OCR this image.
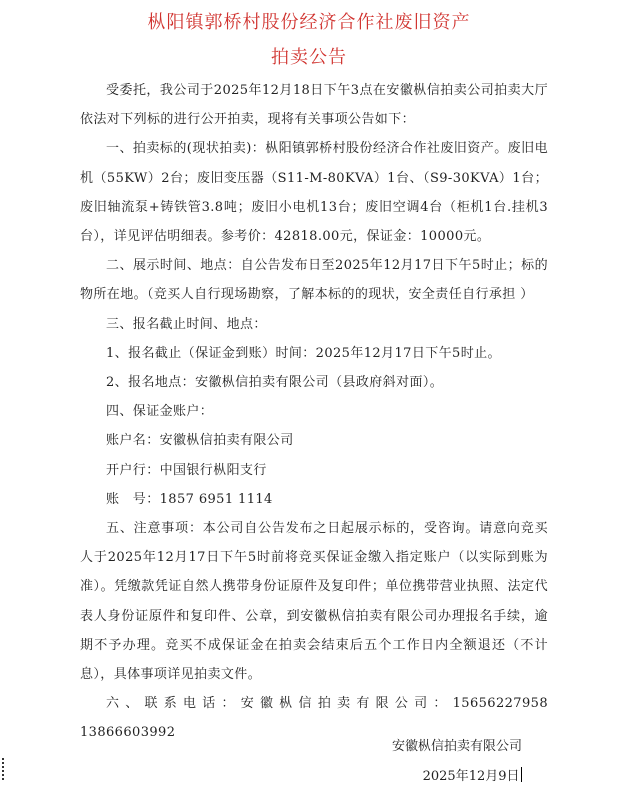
枞阳镇郭桥村股份经济合作社废旧资产
拍卖公告

受委托，我公司于2025年12月18日下午3点在安徽枞信拍卖公司拍卖大厅依法对下列标的进行公开拍卖，现将有关事项公告如下：

一、拍卖标的(现状拍卖)：枞阳镇郭桥村股份经济合作社废旧资产。废旧电机（55KW）2台；废旧变压器（S11-M-80KVA）1台、（S9-30KVA）1台；废旧轴流泵+铸铁管3.8吨；废旧小电机13台；废旧空调4台（柜机1台.挂机3台），详见评估明细表。参考价：42818.00元，保证金：10000元。

二、展示时间、地点：自公告发布日至2025年12月17日下午5时止；标的物所在地。（竞买人自行现场勘察，了解本标的的现状，安全责任自行承担 ）

三、报名截止时间、地点：

1、报名截止（保证金到账）时间：2025年12月17日下午5时止。

2、报名地点：安徽枞信拍卖有限公司（县政府斜对面）。

四、保证金账户：

账户名：安徽枞信拍卖有限公司

开户行：中国银行枞阳支行

账　号：1857 6951 1114

五、注意事项：本公司自公告发布之日起展示标的，受咨询。请意向竞买人于2025年12月17日下午5时前将竞买保证金缴入指定账户（以实际到账为准）。凭缴款凭证自然人携带身份证原件及复印件；单位携带营业执照、法定代表人身份证原件和复印件、公章，到安徽枞信拍卖有限公司办理报名手续，逾期不予办理。竞买不成保证金在拍卖会结束后五个工作日内全额退还（不计息），具体事项详见拍卖文件。

六、联系电话：安徽枞信拍卖有限公司：15656227958　 13866603992

安徽枞信拍卖有限公司
2025年12月9日
